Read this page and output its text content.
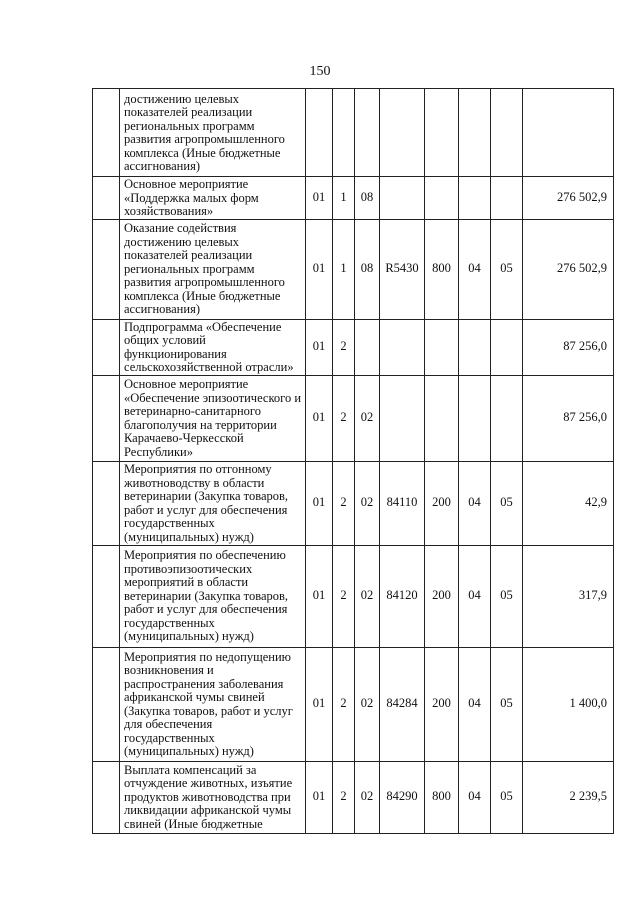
150
	достижению целевых показателей реализации региональных программ развития агропромышленного комплекса (Иные бюджетные ассигнования)								
	Основное мероприятие «Поддержка малых форм хозяйствования»	01	1	08					276 502,9
	Оказание содействия достижению целевых показателей реализации региональных программ развития агропромышленного комплекса (Иные бюджетные ассигнования)	01	1	08	R5430	800	04	05	276 502,9
	Подпрограмма «Обеспечение общих условий функционирования сельскохозяйственной отрасли»	01	2						87 256,0
	Основное мероприятие «Обеспечение эпизоотического и ветеринарно-санитарного благополучия на территории Карачаево-Черкесской Республики»	01	2	02					87 256,0
	Мероприятия по отгонному животноводству в области ветеринарии (Закупка товаров, работ и услуг для обеспечения государственных (муниципальных) нужд)	01	2	02	84110	200	04	05	42,9
	Мероприятия по обеспечению противоэпизоотических мероприятий в области ветеринарии (Закупка товаров, работ и услуг для обеспечения государственных (муниципальных) нужд)	01	2	02	84120	200	04	05	317,9
	Мероприятия по недопущению возникновения и распространения заболевания африканской чумы свиней (Закупка товаров, работ и услуг для обеспечения государственных (муниципальных) нужд)	01	2	02	84284	200	04	05	1 400,0
	Выплата компенсаций за отчуждение животных, изъятие продуктов животноводства при ликвидации африканской чумы свиней (Иные бюджетные	01	2	02	84290	800	04	05	2 239,5
